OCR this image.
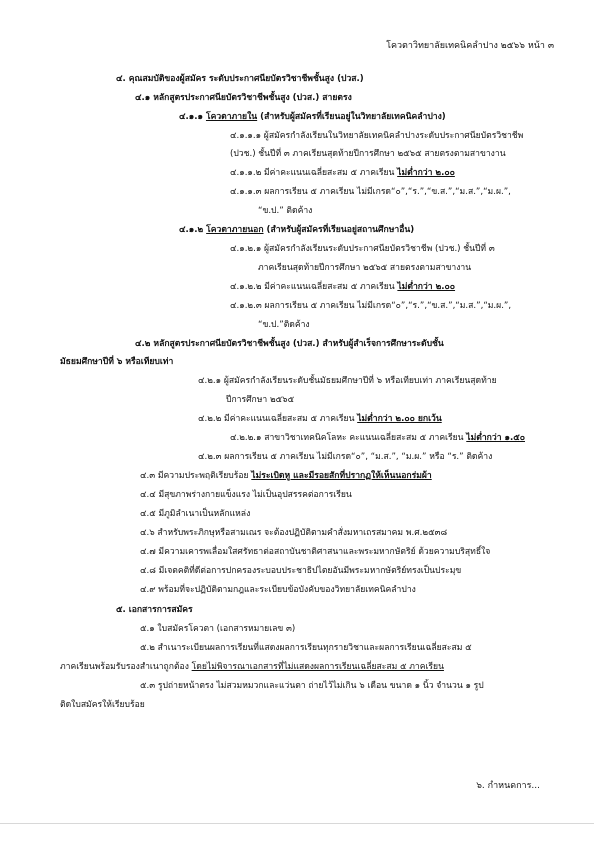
โควตาวิทยาลัยเทคนิคลำปาง ๒๕๖๖ หน้า ๓
๔. คุณสมบัติของผู้สมัคร ระดับประกาศนียบัตรวิชาชีพชั้นสูง (ปวส.)
๔.๑ หลักสูตรประกาศนียบัตรวิชาชีพชั้นสูง (ปวส.) สายตรง
๔.๑.๑ โควตาภายใน (สำหรับผู้สมัครที่เรียนอยู่ในวิทยาลัยเทคนิคลำปาง)
๔.๑.๑.๑ ผู้สมัครกำลังเรียนในวิทยาลัยเทคนิคลำปางระดับประกาศนียบัตรวิชาชีพ
(ปวช.) ชั้นปีที่ ๓ ภาคเรียนสุดท้ายปีการศึกษา ๒๕๖๕ สายตรงตามสาขางาน
๔.๑.๑.๒ มีค่าคะแนนเฉลี่ยสะสม ๕ ภาคเรียน ไม่ต่ำกว่า ๒.๐๐
๔.๑.๑.๓ ผลการเรียน ๕ ภาคเรียน ไม่มีเกรด“๐”,“ร.”,“ข.ส.”,“ม.ส.”,“ม.ผ.”,
“ข.ป.” ติดค้าง
๔.๑.๒ โควตาภายนอก (สำหรับผู้สมัครที่เรียนอยู่สถานศึกษาอื่น)
๔.๑.๒.๑ ผู้สมัครกำลังเรียนระดับประกาศนียบัตรวิชาชีพ (ปวช.) ชั้นปีที่ ๓
ภาคเรียนสุดท้ายปีการศึกษา ๒๕๖๕ สายตรงตามสาขางาน
๔.๑.๒.๒ มีค่าคะแนนเฉลี่ยสะสม ๕ ภาคเรียน ไม่ต่ำกว่า ๒.๐๐
๔.๑.๒.๓ ผลการเรียน ๕ ภาคเรียน ไม่มีเกรด“๐”,“ร.”,“ข.ส.”,“ม.ส.”,“ม.ผ.”,
“ข.ป.”ติดค้าง
๔.๒ หลักสูตรประกาศนียบัตรวิชาชีพชั้นสูง (ปวส.) สำหรับผู้สำเร็จการศึกษาระดับชั้น
มัธยมศึกษาปีที่ ๖ หรือเทียบเท่า
๔.๒.๑ ผู้สมัครกำลังเรียนระดับชั้นมัธยมศึกษาปีที่ ๖ หรือเทียบเท่า ภาคเรียนสุดท้าย
ปีการศึกษา ๒๕๖๕
๔.๒.๒ มีค่าคะแนนเฉลี่ยสะสม ๕ ภาคเรียน ไม่ต่ำกว่า ๒.๐๐ ยกเว้น
๔.๒.๒.๑ สาขาวิชาเทคนิคโลหะ คะแนนเฉลี่ยสะสม ๕ ภาคเรียน ไม่ต่ำกว่า ๑.๕๐
๔.๒.๓ ผลการเรียน ๕ ภาคเรียน ไม่มีเกรด“๐”, “ม.ส.”, “ม.ผ.” หรือ “ร.” ติดค้าง
๔.๓ มีความประพฤติเรียบร้อย ไม่ระเบิดหู และมีรอยสักที่ปรากฏให้เห็นนอกร่มผ้า
๔.๔ มีสุขภาพร่างกายแข็งแรง ไม่เป็นอุปสรรคต่อการเรียน
๔.๕ มีภูมิลำเนาเป็นหลักแหล่ง
๔.๖ สำหรับพระภิกษุหรือสามเณร จะต้องปฏิบัติตามคำสั่งมหาเถรสมาคม พ.ศ.๒๕๓๘
๔.๗ มีความเคารพเลื่อมใสศรัทธาต่อสถาบันชาติศาสนาและพระมหากษัตริย์ ด้วยความบริสุทธิ์ใจ
๔.๘ มีเจตคติที่ดีต่อการปกครองระบอบประชาธิปไตยอันมีพระมหากษัตริย์ทรงเป็นประมุข
๔.๙ พร้อมที่จะปฏิบัติตามกฎและระเบียบข้อบังคับของวิทยาลัยเทคนิคลำปาง
๕. เอกสารการสมัคร
๕.๑ ใบสมัครโควตา (เอกสารหมายเลข ๓)
๕.๒ สำเนาระเบียนผลการเรียนที่แสดงผลการเรียนทุกรายวิชาและผลการเรียนเฉลี่ยสะสม ๕
ภาคเรียนพร้อมรับรองสำเนาถูกต้อง โดยไม่พิจารณาเอกสารที่ไม่แสดงผลการเรียนเฉลี่ยสะสม ๕ ภาคเรียน
๕.๓ รูปถ่ายหน้าตรง ไม่สวมหมวกและแว่นตา ถ่ายไว้ไม่เกิน ๖ เดือน ขนาด ๑ นิ้ว จำนวน ๑ รูป
ติดใบสมัครให้เรียบร้อย
๖. กำหนดการ...
